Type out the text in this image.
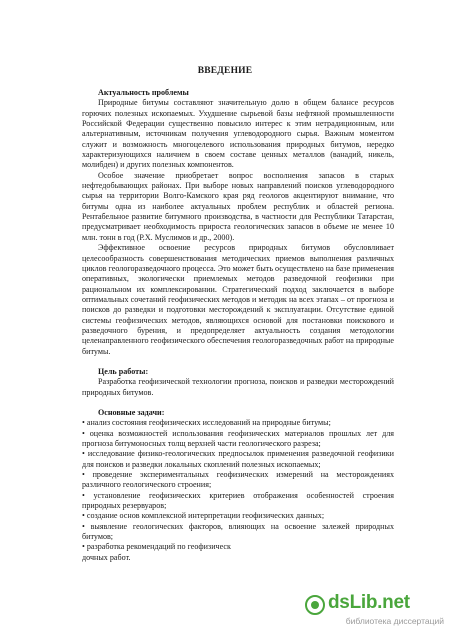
ВВЕДЕНИЕ

Актуальность проблемы

Природные битумы составляют значительную долю в общем балансе ресурсов горючих полезных ископаемых. Ухудшение сырьевой базы нефтяной промышленности Российской Федерации существенно повысило интерес к этим нетрадиционным, или альтернативным, источникам получения углеводородного сырья. Важным моментом служит и возможность многоцелевого использования природных битумов, нередко характеризующихся наличием в своем составе ценных металлов (ванадий, никель, молибден) и других полезных компонентов.

Особое значение приобретает вопрос восполнения запасов в старых нефтедобывающих районах. При выборе новых направлений поисков углеводородного сырья на территории Волго-Камского края ряд геологов акцентируют внимание, что битумы одна из наиболее актуальных проблем республик и областей региона. Рентабельное развитие битумного производства, в частности для Республики Татарстан, предусматривает необходимость прироста геологических запасов в объеме не менее 10 млн. тонн в год (Р.Х. Муслимов и др., 2000).

Эффективное освоение ресурсов природных битумов обусловливает целесообразность совершенствования методических приемов выполнения различных циклов геологоразведочного процесса. Это может быть осуществлено на базе применения оперативных, экологически приемлемых методов разведочной геофизики при рациональном их комплексировании. Стратегический подход заключается в выборе оптимальных сочетаний геофизических методов и методик на всех этапах – от прогноза и поисков до разведки и подготовки месторождений к эксплуатации. Отсутствие единой системы геофизических методов, являющихся основой для постановки поискового и разведочного бурения, и предопределяет актуальность создания методологии целенаправленного геофизического обеспечения геологоразведочных работ на природные битумы.

Цель работы:

Разработка геофизической технологии прогноза, поисков и разведки месторождений природных битумов.

Основные задачи:

• анализ состояния геофизических исследований на природные битумы;

• оценка возможностей использования геофизических материалов прошлых лет для прогноза битумоносных толщ верхней части геологического разреза;

• исследование физико-геологических предпосылок применения разведочной геофизики для поисков и разведки локальных скоплений полезных ископаемых;

• проведение экспериментальных геофизических измерений на месторождениях различного геологического строения;

• установление геофизических критериев отображения особенностей строения природных резервуаров;

• создание основ комплексной интерпретации геофизических данных;

• выявление геологических факторов, влияющих на освоение залежей природных битумов;

• разработка рекомендаций по геофизическ

дочных работ.

dsLib.net
библиотека диссертаций
